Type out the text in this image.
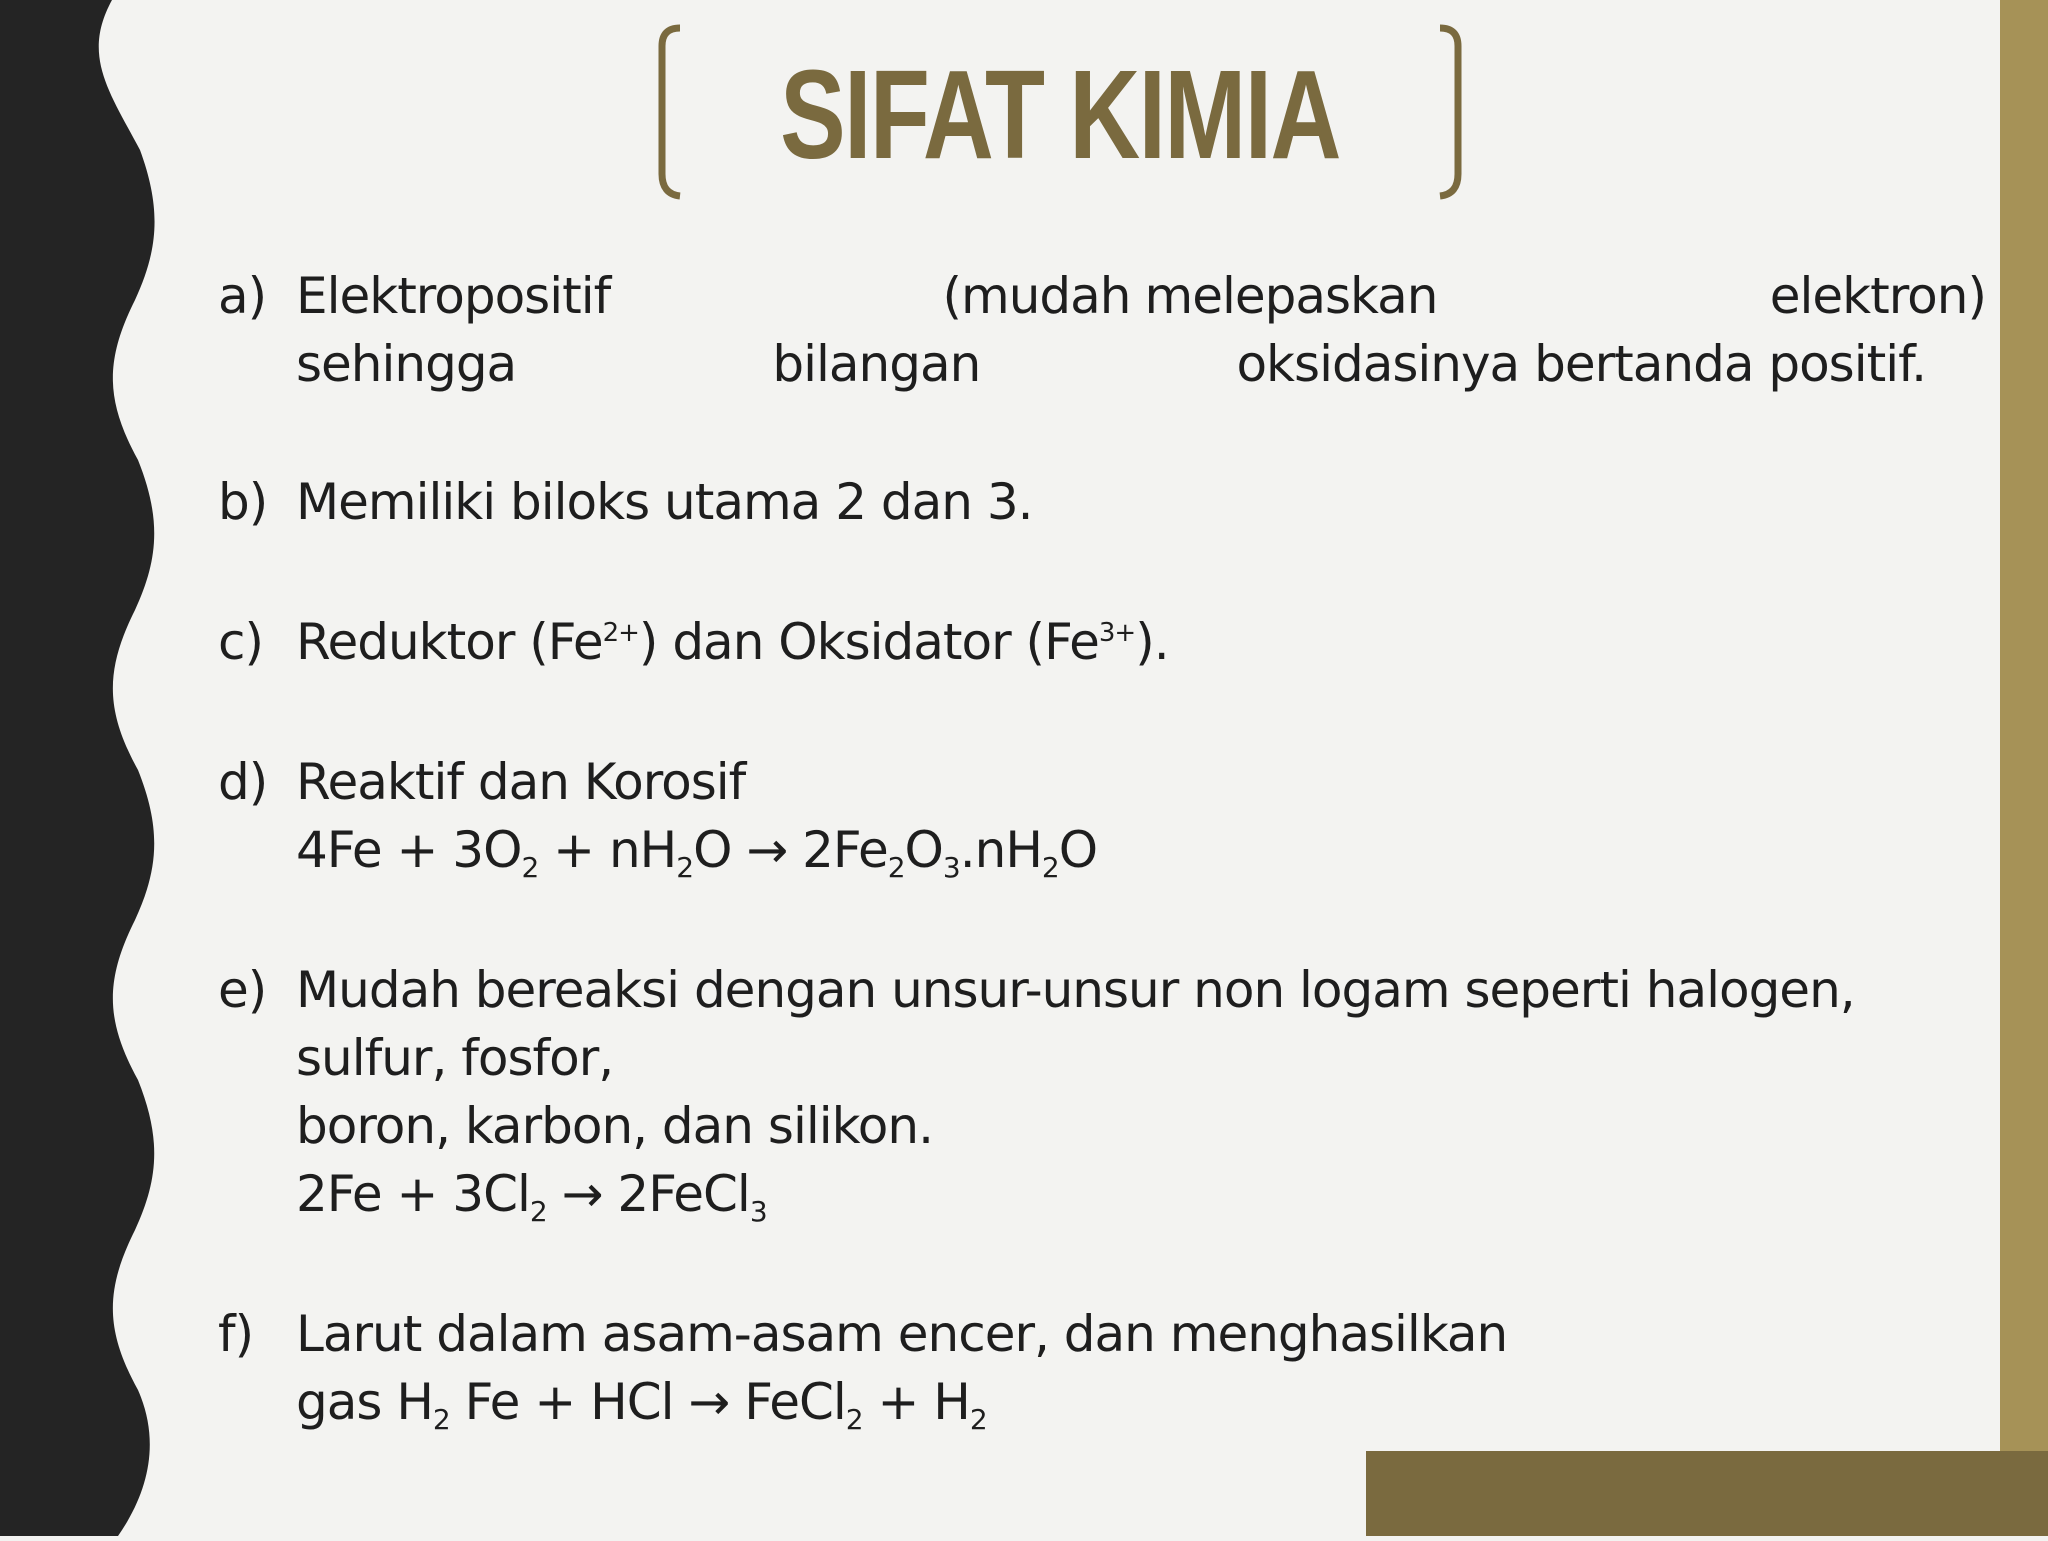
SIFAT KIMIA
a) Elektropositif	(mudah melepaskan	elektron)
sehingga	bilangan	oksidasinya bertanda positif.
b) Memiliki biloks utama 2 dan 3.
c) Reduktor $(Fe^{2+})$ dan Oksidator $(Fe^{3+})$.
d) Reaktif dan Korosif
$4Fe + 3O_2 + nH_2O \to 2Fe_2O_3.nH_2O$
e) Mudah bereaksi dengan unsur-unsur non logam seperti halogen,
sulfur, fosfor,
boron, karbon, dan silikon.
$2Fe + 3Cl_2$ → 2FeCl$_3$
f) Larut dalam asam-asam encer, dan menghasilkan
gas $H_2$ Fe + HCl → FeCl$_2$ + $H_2$
